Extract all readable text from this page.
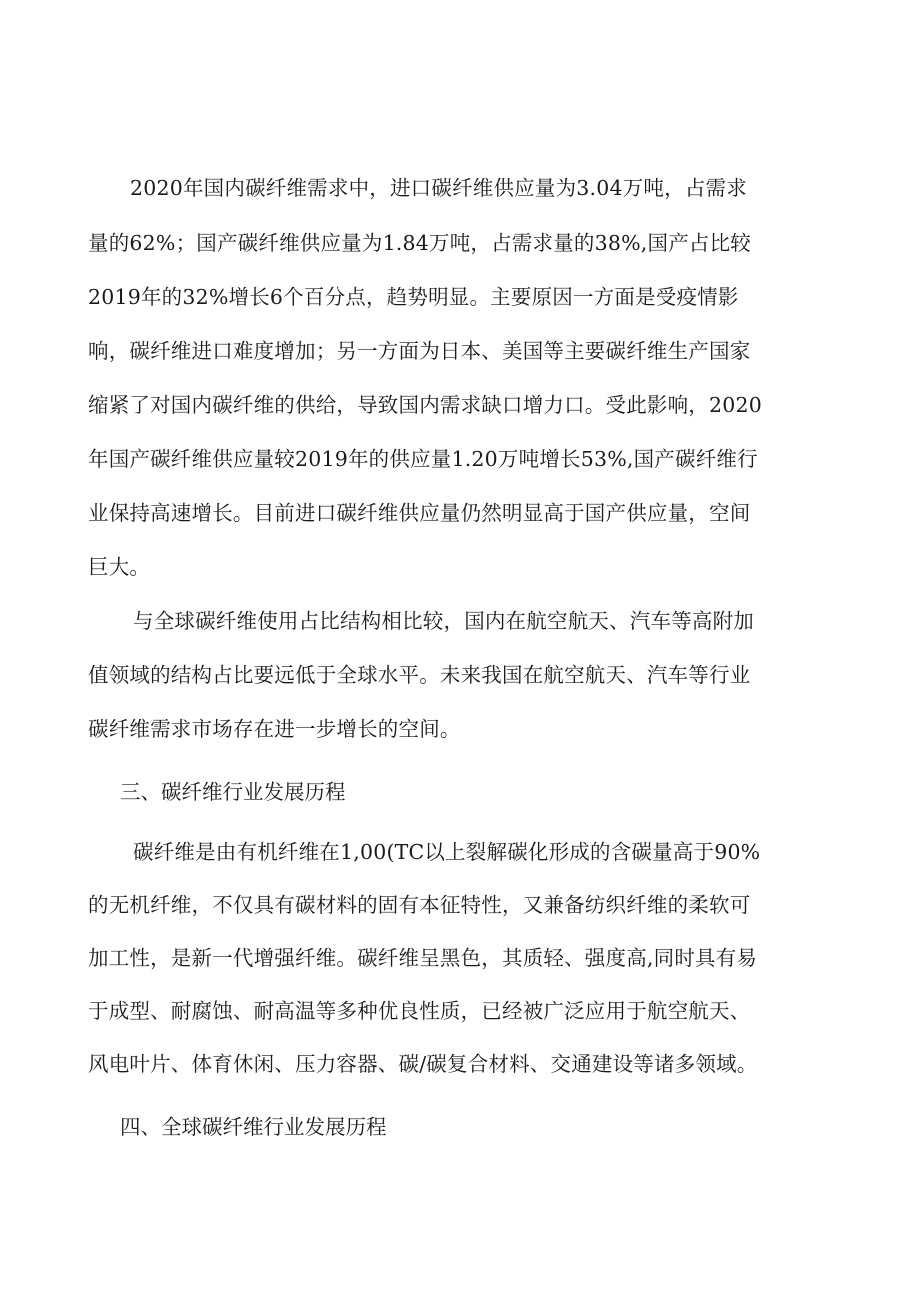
2020年国内碳纤维需求中，进口碳纤维供应量为3.04万吨，占需求
量的62%；国产碳纤维供应量为1.84万吨，占需求量的38%,国产占比较
2019年的32%增长6个百分点，趋势明显。主要原因一方面是受疫情影
响，碳纤维进口难度增加；另一方面为日本、美国等主要碳纤维生产国家
缩紧了对国内碳纤维的供给，导致国内需求缺口增力口。受此影响，2020
年国产碳纤维供应量较2019年的供应量1.20万吨增长53%,国产碳纤维行
业保持高速增长。目前进口碳纤维供应量仍然明显高于国产供应量，空间
巨大。
与全球碳纤维使用占比结构相比较，国内在航空航天、汽车等高附加
值领域的结构占比要远低于全球水平。未来我国在航空航天、汽车等行业
碳纤维需求市场存在进一步增长的空间。
三、碳纤维行业发展历程
碳纤维是由有机纤维在1,00(TC以上裂解碳化形成的含碳量高于90%
的无机纤维，不仅具有碳材料的固有本征特性，又兼备纺织纤维的柔软可
加工性，是新一代增强纤维。碳纤维呈黑色，其质轻、强度高,同时具有易
于成型、耐腐蚀、耐高温等多种优良性质，已经被广泛应用于航空航天、
风电叶片、体育休闲、压力容器、碳/碳复合材料、交通建设等诸多领域。
四、全球碳纤维行业发展历程
